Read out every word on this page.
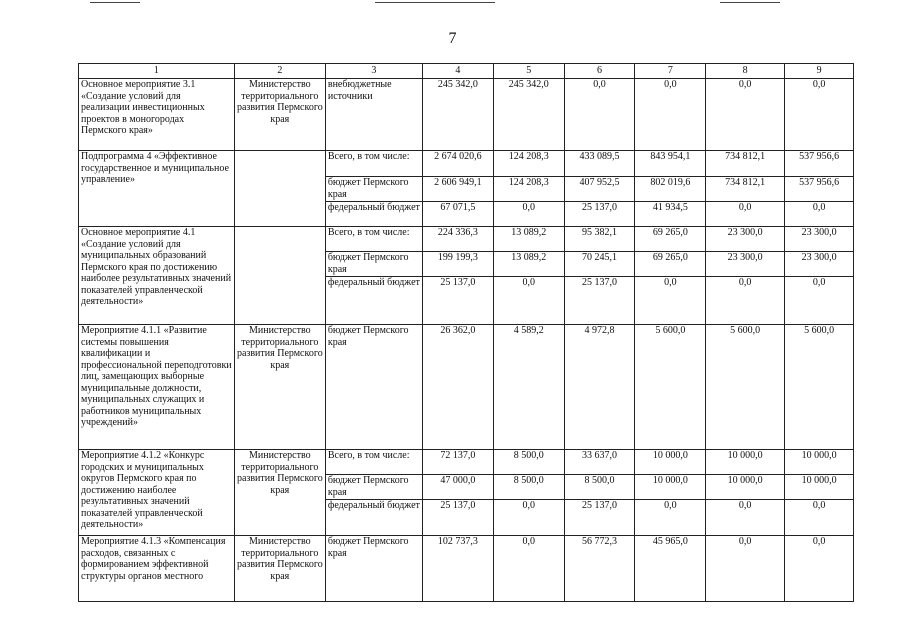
7
1	2	3	4	5	6	7	8	9
Основное мероприятие 3.1 «Создание условий для реализации инвестиционных проектов в моногородах Пермского края»	Министерство территориального развития Пермского края	внебюджетные источники	245 342,0	245 342,0	0,0	0,0	0,0	0,0
Подпрограмма 4 «Эффективное государственное и муниципальное управление»		Всего, в том числе:	2 674 020,6	124 208,3	433 089,5	843 954,1	734 812,1	537 956,6
		бюджет Пермского края	2 606 949,1	124 208,3	407 952,5	802 019,6	734 812,1	537 956,6
		федеральный бюджет	67 071,5	0,0	25 137,0	41 934,5	0,0	0,0
Основное мероприятие 4.1 «Создание условий для муниципальных образований Пермского края по достижению наиболее результативных значений показателей управленческой деятельности»		Всего, в том числе:	224 336,3	13 089,2	95 382,1	69 265,0	23 300,0	23 300,0
		бюджет Пермского края	199 199,3	13 089,2	70 245,1	69 265,0	23 300,0	23 300,0
		федеральный бюджет	25 137,0	0,0	25 137,0	0,0	0,0	0,0
Мероприятие 4.1.1 «Развитие системы повышения квалификации и профессиональной переподготовки лиц, замещающих выборные муниципальные должности, муниципальных служащих и работников муниципальных учреждений»	Министерство территориального развития Пермского края	бюджет Пермского края	26 362,0	4 589,2	4 972,8	5 600,0	5 600,0	5 600,0
Мероприятие 4.1.2 «Конкурс городских и муниципальных округов Пермского края по достижению наиболее результативных значений показателей управленческой деятельности»	Министерство территориального развития Пермского края	Всего, в том числе:	72 137,0	8 500,0	33 637,0	10 000,0	10 000,0	10 000,0
		бюджет Пермского края	47 000,0	8 500,0	8 500,0	10 000,0	10 000,0	10 000,0
		федеральный бюджет	25 137,0	0,0	25 137,0	0,0	0,0	0,0
Мероприятие 4.1.3 «Компенсация расходов, связанных с формированием эффективной структуры органов местного	Министерство территориального развития Пермского края	бюджет Пермского края	102 737,3	0,0	56 772,3	45 965,0	0,0	0,0
